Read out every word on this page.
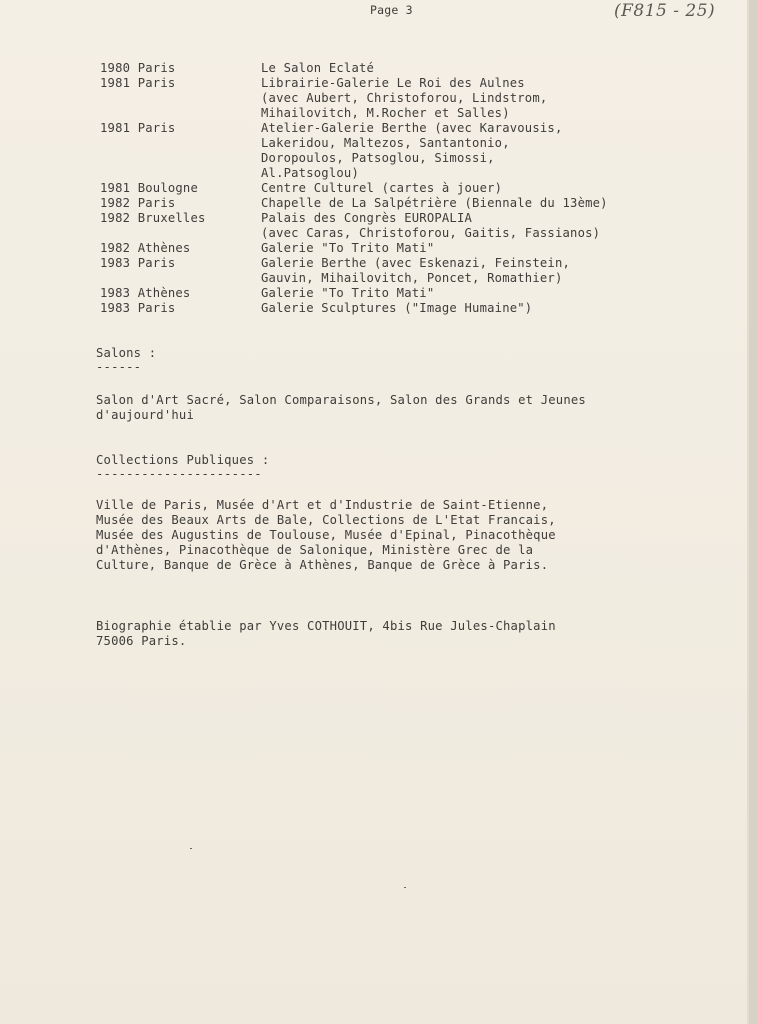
Page 3	(F815 - 25)
1980 Paris	Le Salon Eclaté
1981 Paris	Librairie-Galerie Le Roi des Aulnes
(avec Aubert, Christoforou, Lindstrom,
Mihailovitch, M.Rocher et Salles)
1981 Paris	Atelier-Galerie Berthe (avec Karavousis,
Lakeridou, Maltezos, Santantonio,
Doropoulos, Patsoglou, Simossi,
Al.Patsoglou)
1981 Boulogne	Centre Culturel (cartes à jouer)
1982 Paris	Chapelle de La Salpétrière (Biennale du 13ème)
1982 Bruxelles	Palais des Congrès EUROPALIA
(avec Caras, Christoforou, Gaitis, Fassianos)
1982 Athènes	Galerie "To Trito Mati"
1983 Paris	Galerie Berthe (avec Eskenazi, Feinstein,
Gauvin, Mihailovitch, Poncet, Romathier)
1983 Athènes	Galerie "To Trito Mati"
1983 Paris	Galerie Sculptures ("Image Humaine")
Salons :
------
Salon d'Art Sacré, Salon Comparaisons, Salon des Grands et Jeunes
d'aujourd'hui
Collections Publiques :
----------------------
Ville de Paris, Musée d'Art et d'Industrie de Saint-Etienne,
Musée des Beaux Arts de Bale, Collections de L'Etat Francais,
Musée des Augustins de Toulouse, Musée d'Epinal, Pinacothèque
d'Athènes, Pinacothèque de Salonique, Ministère Grec de la
Culture, Banque de Grèce à Athènes, Banque de Grèce à Paris.
Biographie établie par Yves COTHOUIT, 4bis Rue Jules-Chaplain
75006 Paris.
